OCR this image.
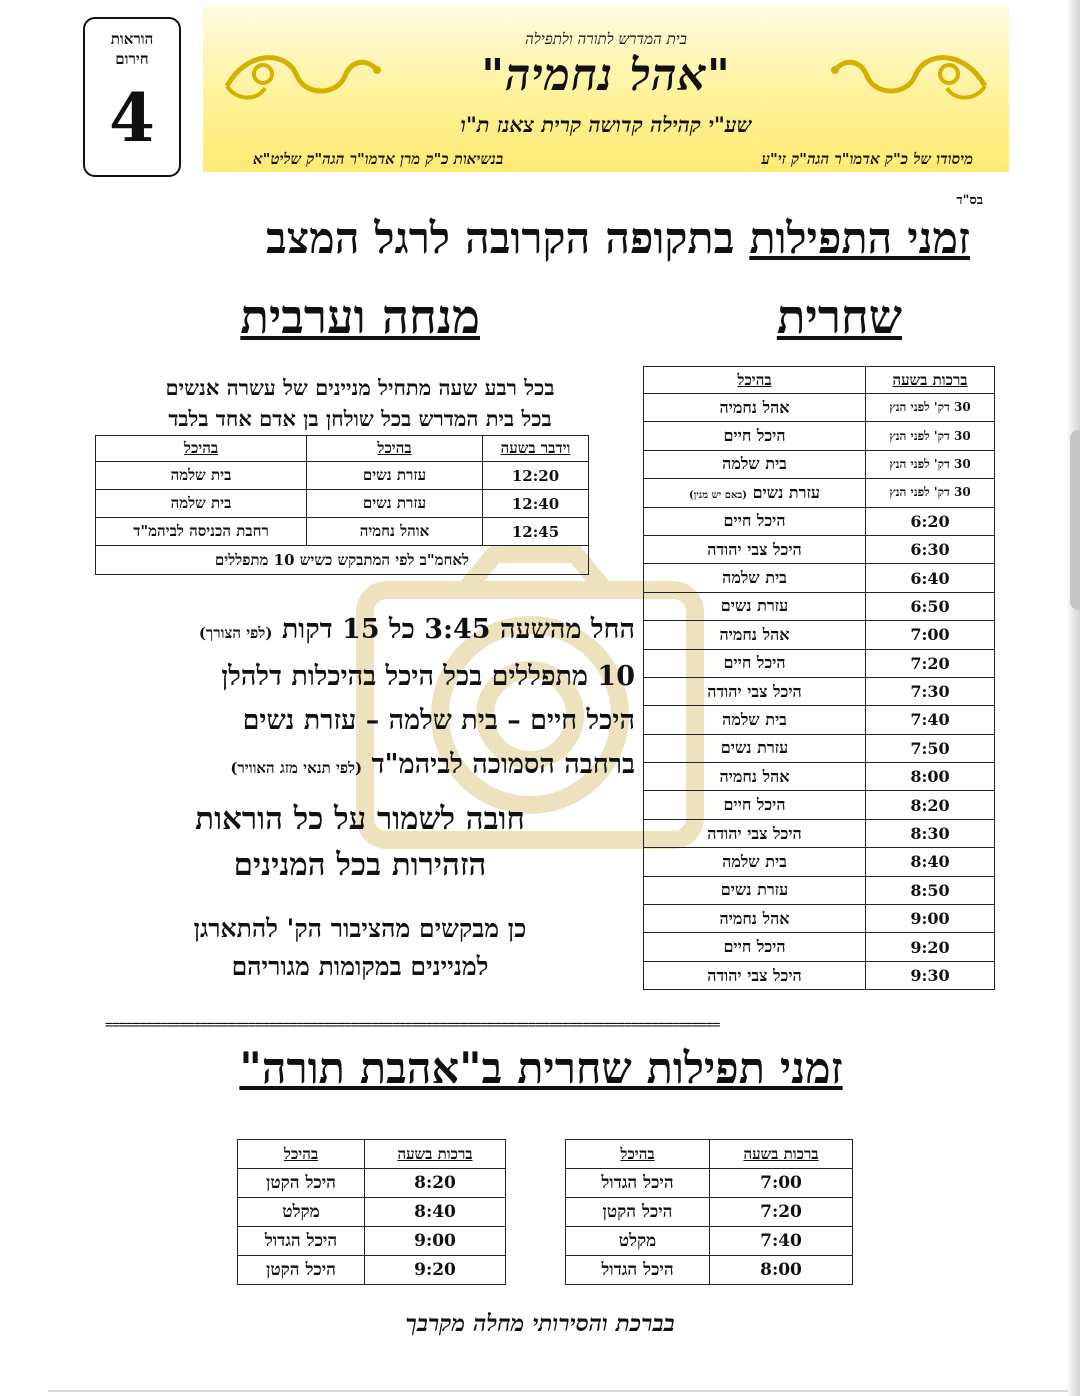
הוראות
חירום
4
בית המדרש לתורה ולתפילה
"אהל נחמיה"
שע"י קהילה קדושה קרית צאנז ת"ו
מיסודו של כ"ק אדמו"ר הגה"ק זי"ע
בנשיאות כ"ק מרן אדמו"ר הגה"ק שליט"א
בס"ד
זמני התפילות בתקופה הקרובה לרגל המצב
שחרית
מנחה וערבית
ברכות בשעה	בהיכל
30 דק' לפני הנץ	אהל נחמיה
30 דק' לפני הנץ	היכל חיים
30 דק' לפני הנץ	בית שלמה
30 דק' לפני הנץ	עזרת נשים (באם יש מנין)
6:20	היכל חיים
6:30	היכל צבי יהודה
6:40	בית שלמה
6:50	עזרת נשים
7:00	אהל נחמיה
7:20	היכל חיים
7:30	היכל צבי יהודה
7:40	בית שלמה
7:50	עזרת נשים
8:00	אהל נחמיה
8:20	היכל חיים
8:30	היכל צבי יהודה
8:40	בית שלמה
8:50	עזרת נשים
9:00	אהל נחמיה
9:20	היכל חיים
9:30	היכל צבי יהודה
בכל רבע שעה מתחיל מניינים של עשרה אנשים
בכל בית המדרש בכל שולחן בן אדם אחד בלבד
וידבר בשעה	בהיכל	בהיכל
12:20	עזרת נשים	בית שלמה
12:40	עזרת נשים	בית שלמה
12:45	אוהל נחמיה	רחבת הכניסה לביהמ"ד
לאחמ"ב לפי המתבקש כשיש 10 מתפללים		
החל מהשעה 3:45 כל 15 דקות (לפי הצורך)
10 מתפללים בכל היכל בהיכלות דלהלן
היכל חיים – בית שלמה – עזרת נשים
ברחבה הסמוכה לביהמ"ד (לפי תנאי מזג האוויר)
חובה לשמור על כל הוראות
הזהירות בכל המנינים
כן מבקשים מהציבור הק' להתארגן
למניינים במקומות מגוריהם
==========================================================================================
זמני תפילות שחרית ב"אהבת תורה"
ברכות בשעה	בהיכל
7:00	היכל הגדול
7:20	היכל הקטן
7:40	מקלט
8:00	היכל הגדול
ברכות בשעה	בהיכל
8:20	היכל הקטן
8:40	מקלט
9:00	היכל הגדול
9:20	היכל הקטן
בברכת והסירותי מחלה מקרבך
